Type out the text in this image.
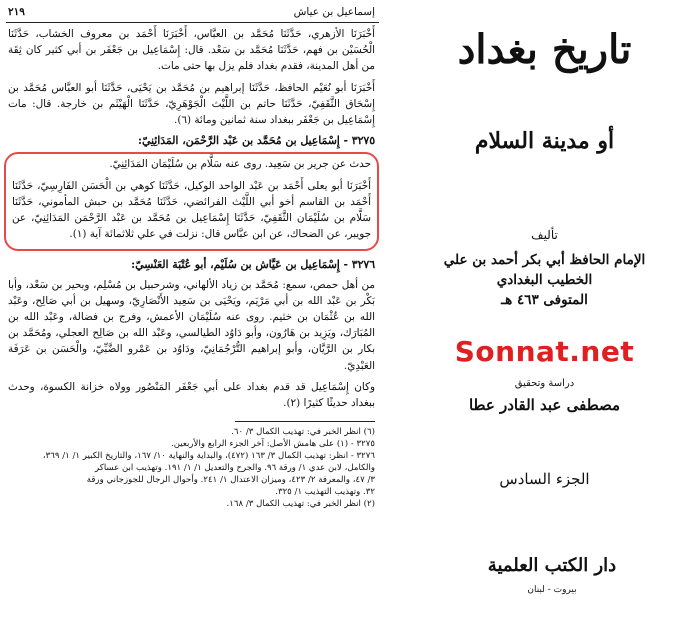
٢١٩	إسماعيل بن عياش

أَخْبَرَنَا الأزهري، حَدَّثَنَا مُحَمَّد بن العبَّاس، أَخْبَرَنَا أَحْمَد بن معروف الخشاب، حَدَّثَنَا الْحُسَيْن بن فهم، حَدَّثَنَا مُحَمَّد بن سَعْد. قال: إِسْمَاعِيل بن جَعْفَر بن أبي كثير كان ثِقَة من أهل المدينة، فقدم بغداد فلم يزل بها حتى مات.

أَخْبَرَنَا أبو نُعَيْم الحافظ، حَدَّثَنَا إبراهيم بن مُحَمَّد بن يَحْيَى، حَدَّثَنَا أبو العبَّاس مُحَمَّد بن إِسْحَاق الثَّقَفِيّ، حَدَّثَنَا حاتم بن اللَّيْث الْجَوْهَرِيّ، حَدَّثَنَا الْهَيْثَم بن خارجة. قال: مات إِسْمَاعِيل بن جَعْفَر ببغداد سنة ثمانين ومائة (٦).

٣٢٧٥ - إِسْمَاعِيل بن مُحَمَّد بن عَبْد الرَّحْمَن، المَدَائِنِيّ:

حدث عن جرير بن سَعِيد. روى عنه سَلَّام بن سُلَيْمَان المَدَائِنِيّ.

أَخْبَرَنَا أبو يعلى أَحْمَد بن عَبْد الواحد الوكيل، حَدَّثَنَا كوهي بن الْحَسَن الفَارِسِيّ، حَدَّثَنَا أَحْمَد بن القاسم أخو أبي اللَّيْث الفرائضي، حَدَّثَنَا مُحَمَّد بن حبش المأموني، حَدَّثَنَا سَلَّام بن سُلَيْمَان الثَّقَفِيّ، حَدَّثَنَا إِسْمَاعِيل بن مُحَمَّد بن عَبْد الرَّحْمَن المَدَائِنِيّ، عن جويبر، عن الضحاك، عن ابن عبَّاس قال: نزلت في علي ثلاثمائة آية (١).

٣٢٧٦ - إِسْمَاعِيل بن عَيَّاش بن سُلَيْم، أبو عُتْبَة العَنْسِيّ:

من أهل حمص، سمع: مُحَمَّد بن زياد الألهاني، وشرحبيل بن مُسْلِم، وبحير بن سَعْد، وأبا بَكْر بن عَبْد الله بن أبي مَرْيَم، ويَحْيَى بن سَعِيد الأَنْصَارِيّ، وسهيل بن أبي صَالِح، وعَبْد الله بن عُثْمَان بن خثيم. روى عنه سُلَيْمَان الأعمش، وفرج بن فضالة، وعَبْد الله بن المُبَارَك، ويَزِيد بن هَارُون، وأبو دَاوُد الطيالسي، وعَبْد الله بن صَالِح العجلي، ومُحَمَّد بن بكار بن الرَّيَّان، وأبو إبراهيم التُّرْجُمَانِيّ، ودَاوُد بن عَمْرو الضَّبِّيّ، والْحَسَن بن عَرَفَة العَبْدِيّ.

وكان إِسْمَاعِيل قد قدم بغداد على أبي جَعْفَر المَنْصُور وولاه خزانة الكسوة، وحدث ببغداد حديثًا كثيرًا (٢).

(٦) انظر الخبر في: تهذيب الكمال ٣/ ٦٠.
٣٢٧٥ - (١) على هامش الأصل: آخر الجزء الرابع والأربعين.
٣٢٧٦ - انظر: تهذيب الكمال ٣/ ١٦٣ (٤٧٢)، والبداية والنهاية ١٠/ ١٦٧، والتاريخ الكبير ١/ ١/ ٣٦٩،
والكامل، لابن عدي ١/ ورقة ٩٦. والجرح والتعديل ١/ ١/ ١٩١. وتهذيب ابن عساكر
٣/ ٤٧، والمعرفة ٢/ ٤٢٣، وميزان الاعتدال ١/ ٢٤١. وأحوال الرجال للجوزجاني ورقة
٣٢. وتهذيب التهذيب ١/ ٣٢٥.
(٢) انظر الخبر في: تهذيب الكمال ٣/ ١٦٨.
تاريخ بغداد
أو مدينة السلام
تأليف
الإمام الحافظ أبي بكر أحمد بن علي
الخطيب البغدادي
المتوفى ٤٦٣ هـ
Sonnat.net
دراسة وتحقيق
مصطفى عبد القادر عطا
الجزء السادس
دار الكتب العلمية
بيروت - لبنان
